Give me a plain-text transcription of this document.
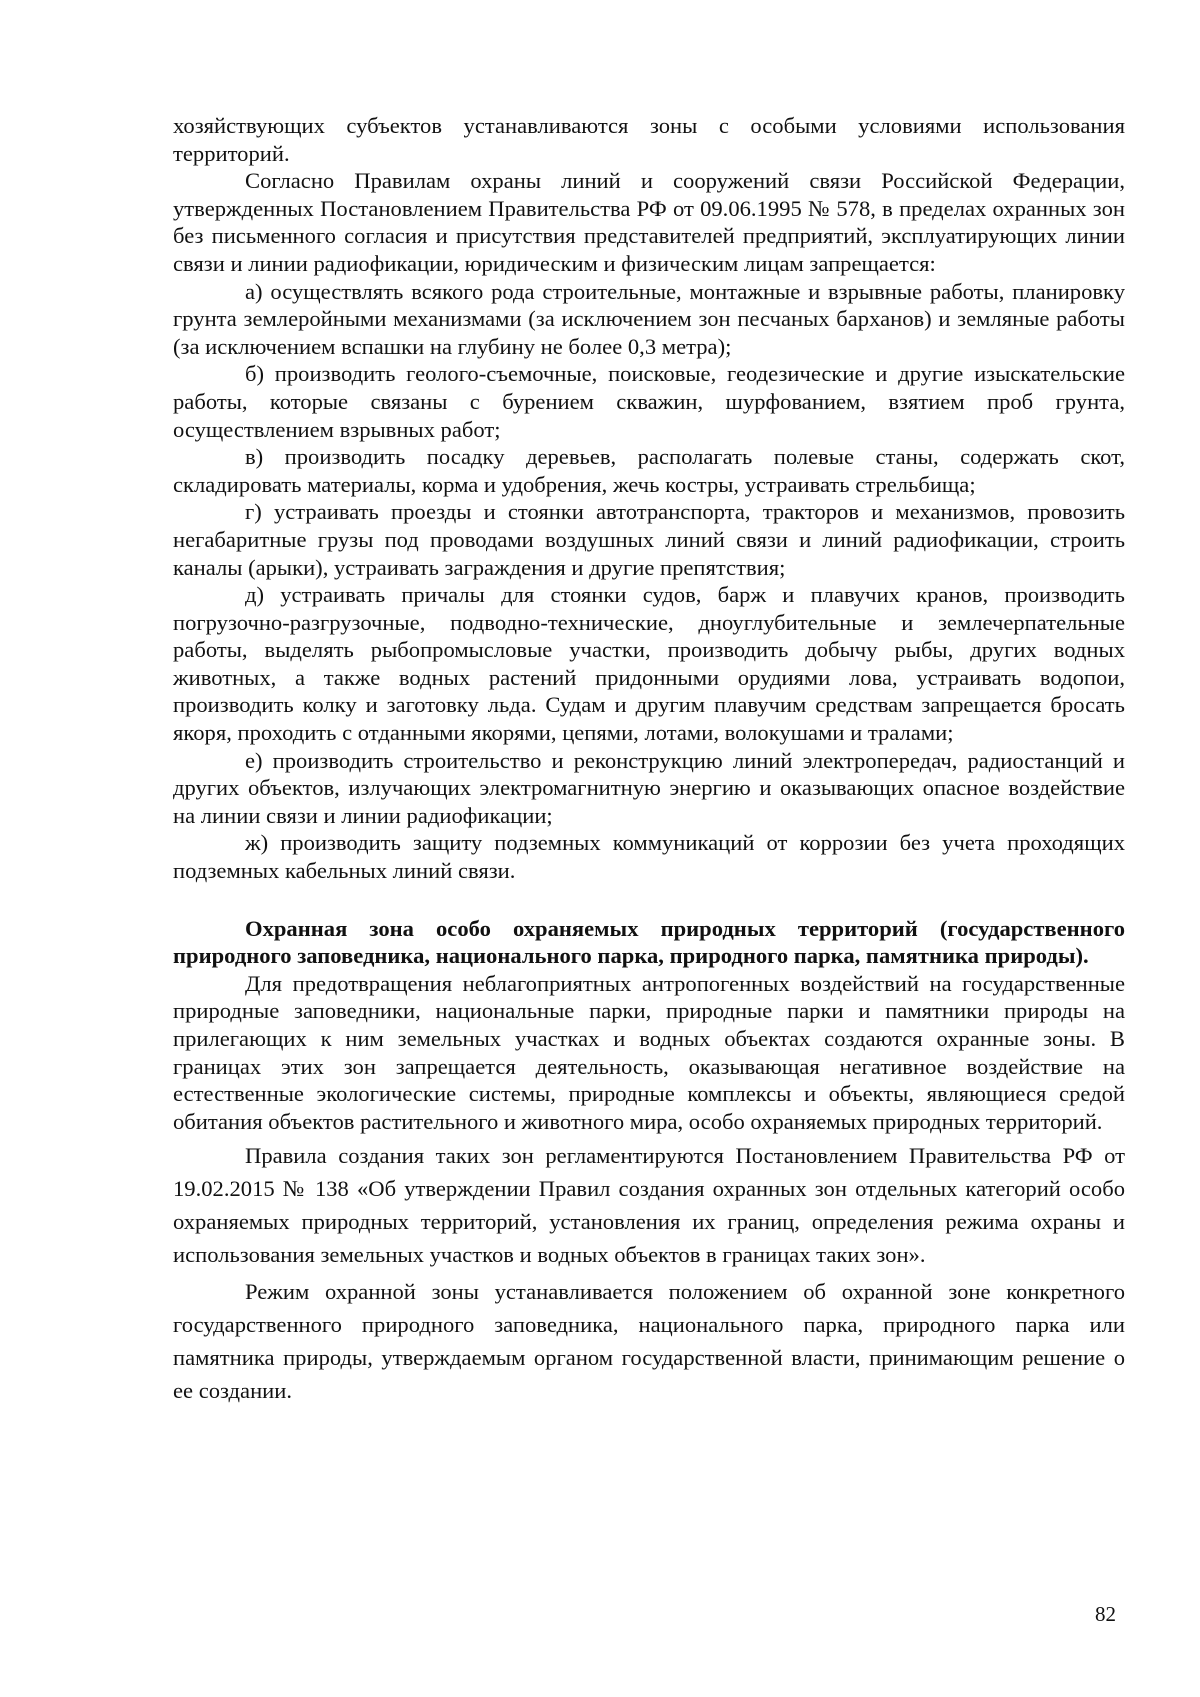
хозяйствующих субъектов устанавливаются зоны с особыми условиями использования территорий.

Согласно Правилам охраны линий и сооружений связи Российской Федерации, утвержденных Постановлением Правительства РФ от 09.06.1995 № 578, в пределах охранных зон без письменного согласия и присутствия представителей предприятий, эксплуатирующих линии связи и линии радиофикации, юридическим и физическим лицам запрещается:

а) осуществлять всякого рода строительные, монтажные и взрывные работы, планировку грунта землеройными механизмами (за исключением зон песчаных барханов) и земляные работы (за исключением вспашки на глубину не более 0,3 метра);

б) производить геолого-съемочные, поисковые, геодезические и другие изыскательские работы, которые связаны с бурением скважин, шурфованием, взятием проб грунта, осуществлением взрывных работ;

в) производить посадку деревьев, располагать полевые станы, содержать скот, складировать материалы, корма и удобрения, жечь костры, устраивать стрельбища;

г) устраивать проезды и стоянки автотранспорта, тракторов и механизмов, провозить негабаритные грузы под проводами воздушных линий связи и линий радиофикации, строить каналы (арыки), устраивать заграждения и другие препятствия;

д) устраивать причалы для стоянки судов, барж и плавучих кранов, производить погрузочно-разгрузочные, подводно-технические, дноуглубительные и землечерпательные работы, выделять рыбопромысловые участки, производить добычу рыбы, других водных животных, а также водных растений придонными орудиями лова, устраивать водопои, производить колку и заготовку льда. Судам и другим плавучим средствам запрещается бросать якоря, проходить с отданными якорями, цепями, лотами, волокушами и тралами;

е) производить строительство и реконструкцию линий электропередач, радиостанций и других объектов, излучающих электромагнитную энергию и оказывающих опасное воздействие на линии связи и линии радиофикации;

ж) производить защиту подземных коммуникаций от коррозии без учета проходящих подземных кабельных линий связи.

Охранная зона особо охраняемых природных территорий (государственного природного заповедника, национального парка, природного парка, памятника природы).

Для предотвращения неблагоприятных антропогенных воздействий на государственные природные заповедники, национальные парки, природные парки и памятники природы на прилегающих к ним земельных участках и водных объектах создаются охранные зоны. В границах этих зон запрещается деятельность, оказывающая негативное воздействие на естественные экологические системы, природные комплексы и объекты, являющиеся средой обитания объектов растительного и животного мира, особо охраняемых природных территорий.

Правила создания таких зон регламентируются Постановлением Правительства РФ от 19.02.2015 № 138 «Об утверждении Правил создания охранных зон отдельных категорий особо охраняемых природных территорий, установления их границ, определения режима охраны и использования земельных участков и водных объектов в границах таких зон».

Режим охранной зоны устанавливается положением об охранной зоне конкретного государственного природного заповедника, национального парка, природного парка или памятника природы, утверждаемым органом государственной власти, принимающим решение о ее создании.

82
